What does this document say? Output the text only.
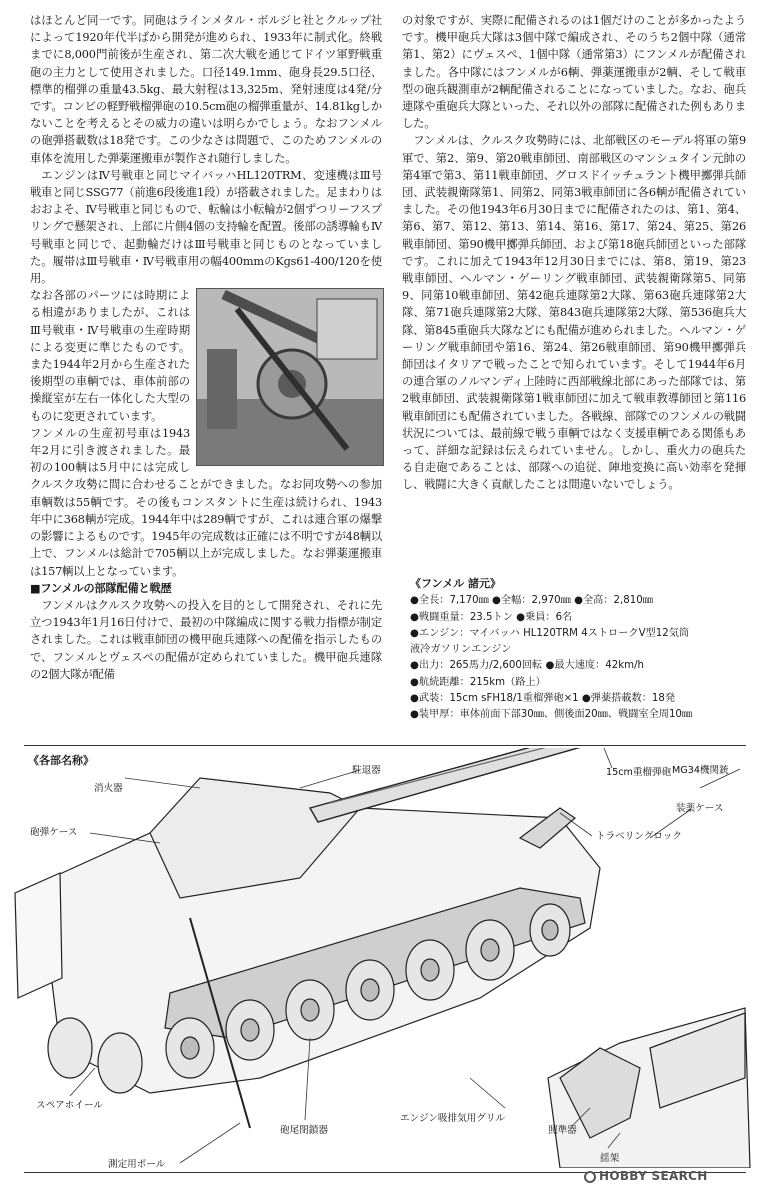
はほとんど同一です。同砲はラインメタル・ボルジヒ社とクルップ社によって1920年代半ばから開発が進められ、1933年に制式化。終戦までに8,000門前後が生産され、第二次大戦を通じてドイツ軍野戦重砲の主力として使用されました。口径149.1mm、砲身長29.5口径、標準的榴弾の重量43.5kg、最大射程は13,325m、発射速度は4発/分です。コンビの軽野戦榴弾砲の10.5cm砲の榴弾重量が、14.81kgしかないことを考えるとその威力の違いは明らかでしょう。なおフンメルの砲弾搭載数は18発です。この少なさは問題で、このためフンメルの車体を流用した弾薬運搬車が製作され随行しました。

エンジンはⅣ号戦車と同じマイバッハHL120TRM、変速機はⅢ号戦車と同じSSG77（前進6段後進1段）が搭載されました。足まわりはおおよそ、Ⅳ号戦車と同じもので、転輪は小転輪が2個ずつリーフスプリングで懸架され、上部に片側4個の支持輪を配置。後部の誘導輪もⅣ号戦車と同じで、起動輪だけはⅢ号戦車と同じものとなっていました。履帯はⅢ号戦車・Ⅳ号戦車用の幅400mmのKgs61-400/120を使用。

なお各部のパーツには時期による相違がありましたが、これはⅢ号戦車・Ⅳ号戦車の生産時期による変更に準じたものです。また1944年2月から生産された後期型の車輌では、車体前部の操縦室が左右一体化した大型のものに変更されています。

フンメルの生産初号車は1943年2月に引き渡されました。最初の100輌は5月中には完成しクルスク攻勢に間に合わせることができました。なお同攻勢への参加車輌数は55輌です。その後もコンスタントに生産は続けられ、1943年中に368輌が完成。1944年中は289輌ですが、これは連合軍の爆撃の影響によるものです。1945年の完成数は正確には不明ですが48輌以上で、フンメルは総計で705輌以上が完成しました。なお弾薬運搬車は157輌以上となっています。

■フンメルの部隊配備と戦歴

フンメルはクルスク攻勢への投入を目的として開発され、それに先立つ1943年1月16日付けで、最初の中隊編成に関する戦力指標が制定されました。これは戦車師団の機甲砲兵連隊への配備を指示したもので、フンメルとヴェスペの配備が定められていました。機甲砲兵連隊の2個大隊が配備

の対象ですが、実際に配備されるのは1個だけのことが多かったようです。機甲砲兵大隊は3個中隊で編成され、そのうち2個中隊（通常第1、第2）にヴェスペ、1個中隊（通常第3）にフンメルが配備されました。各中隊にはフンメルが6輌、弾薬運搬車が2輌、そして戦車型の砲兵観測車が2輌配備されることになっていました。なお、砲兵連隊や重砲兵大隊といった、それ以外の部隊に配備された例もありました。

フンメルは、クルスク攻勢時には、北部戦区のモーデル将軍の第9軍で、第2、第9、第20戦車師団、南部戦区のマンシュタイン元帥の第4軍で第3、第11戦車師団、グロスドイッチュラント機甲擲弾兵師団、武装親衛隊第1、同第2、同第3戦車師団に各6輌が配備されていました。その他1943年6月30日までに配備されたのは、第1、第4、第6、第7、第12、第13、第14、第16、第17、第24、第25、第26戦車師団、第90機甲擲弾兵師団、および第18砲兵師団といった部隊です。これに加えて1943年12月30日までには、第8、第19、第23戦車師団、ヘルマン・ゲーリング戦車師団、武装親衛隊第5、同第9、同第10戦車師団、第42砲兵連隊第2大隊、第63砲兵連隊第2大隊、第71砲兵連隊第2大隊、第843砲兵連隊第2大隊、第536砲兵大隊、第845重砲兵大隊などにも配備が進められました。ヘルマン・ゲーリング戦車師団や第16、第24、第26戦車師団、第90機甲擲弾兵師団はイタリアで戦ったことで知られています。そして1944年6月の連合軍のノルマンディ上陸時に西部戦線北部にあった部隊では、第2戦車師団、武装親衛隊第1戦車師団に加えて戦車教導師団と第116戦車師団にも配備されていました。各戦線、部隊でのフンメルの戦闘状況については、最前線で戦う車輌ではなく支援車輌である関係もあって、詳細な記録は伝えられていません。しかし、重火力の砲兵たる自走砲であることは、部隊への追従、陣地変換に高い効率を発揮し、戦闘に大きく貢献したことは間違いないでしょう。

《フンメル 諸元》
●全長：7,170㎜ ●全幅：2,970㎜ ●全高：2,810㎜
●戦闘重量：23.5トン ●乗員：6名
●エンジン：マイバッハ HL120TRM 4ストロークV型12気筒
液冷ガソリンエンジン
●出力：265馬力/2,600回転 ●最大速度：42km/h
●航続距離：215km（路上）
●武装：15cm sFH18/1重榴弾砲×1 ●弾薬搭載数：18発
●装甲厚：車体前面下部30㎜、側後面20㎜、戦闘室全周10㎜
《各部名称》
消火器
砲弾ケース
駐退器	15cm重榴弾砲
トラベリングロック
MG34機関銃
装薬ケース
スペアホイール
砲尾閉鎖器
エンジン吸排気用グリル
照準器
揺架
測定用ポール
HOBBY SEARCH
